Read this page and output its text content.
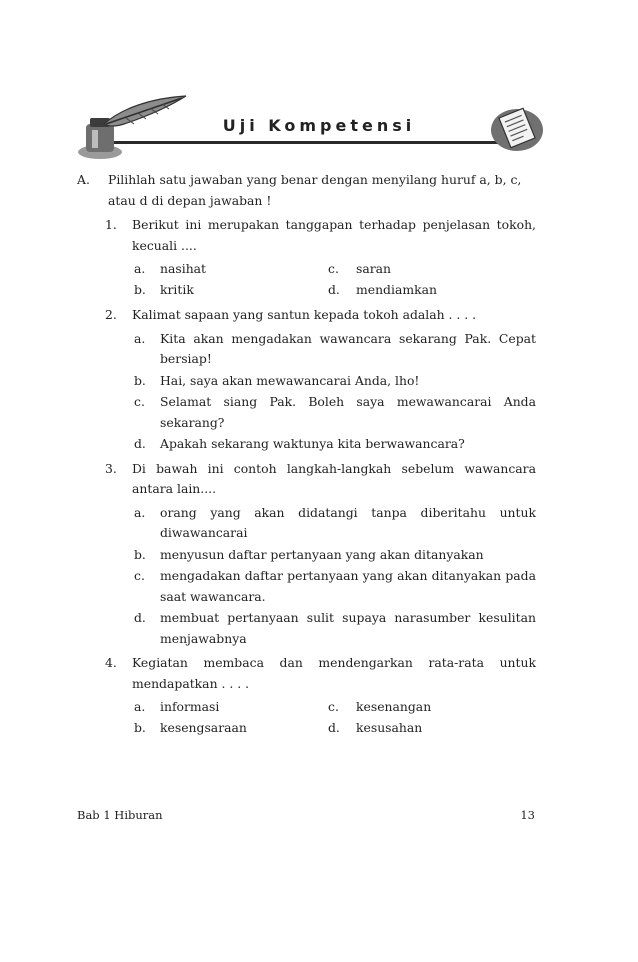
Uji Kompetensi
A. Pilihlah satu jawaban yang benar dengan menyilang huruf a, b, c,
atau d di depan jawaban !
1. Berikut ini merupakan tanggapan terhadap penjelasan tokoh, kecuali ....
a. nasihat	c. saran
b. kritik	d. mendiamkan
2. Kalimat sapaan yang santun kepada tokoh adalah . . . .
a. Kita akan mengadakan wawancara sekarang Pak. Cepat bersiap!
b. Hai, saya akan mewawancarai Anda, lho!
c. Selamat siang Pak. Boleh saya mewawancarai Anda sekarang?
d. Apakah sekarang waktunya kita berwawancara?
3. Di bawah ini contoh langkah-langkah sebelum wawancara antara lain....
a. orang yang akan didatangi tanpa diberitahu untuk diwawancarai
b. menyusun daftar pertanyaan yang akan ditanyakan
c. mengadakan daftar pertanyaan yang akan ditanyakan pada saat wawancara.
d. membuat pertanyaan sulit supaya narasumber kesulitan menjawabnya
4. Kegiatan membaca dan mendengarkan rata-rata untuk mendapatkan . . . .
a. informasi	c. kesenangan
b. kesengsaraan	d. kesusahan
Bab 1 Hiburan	13
